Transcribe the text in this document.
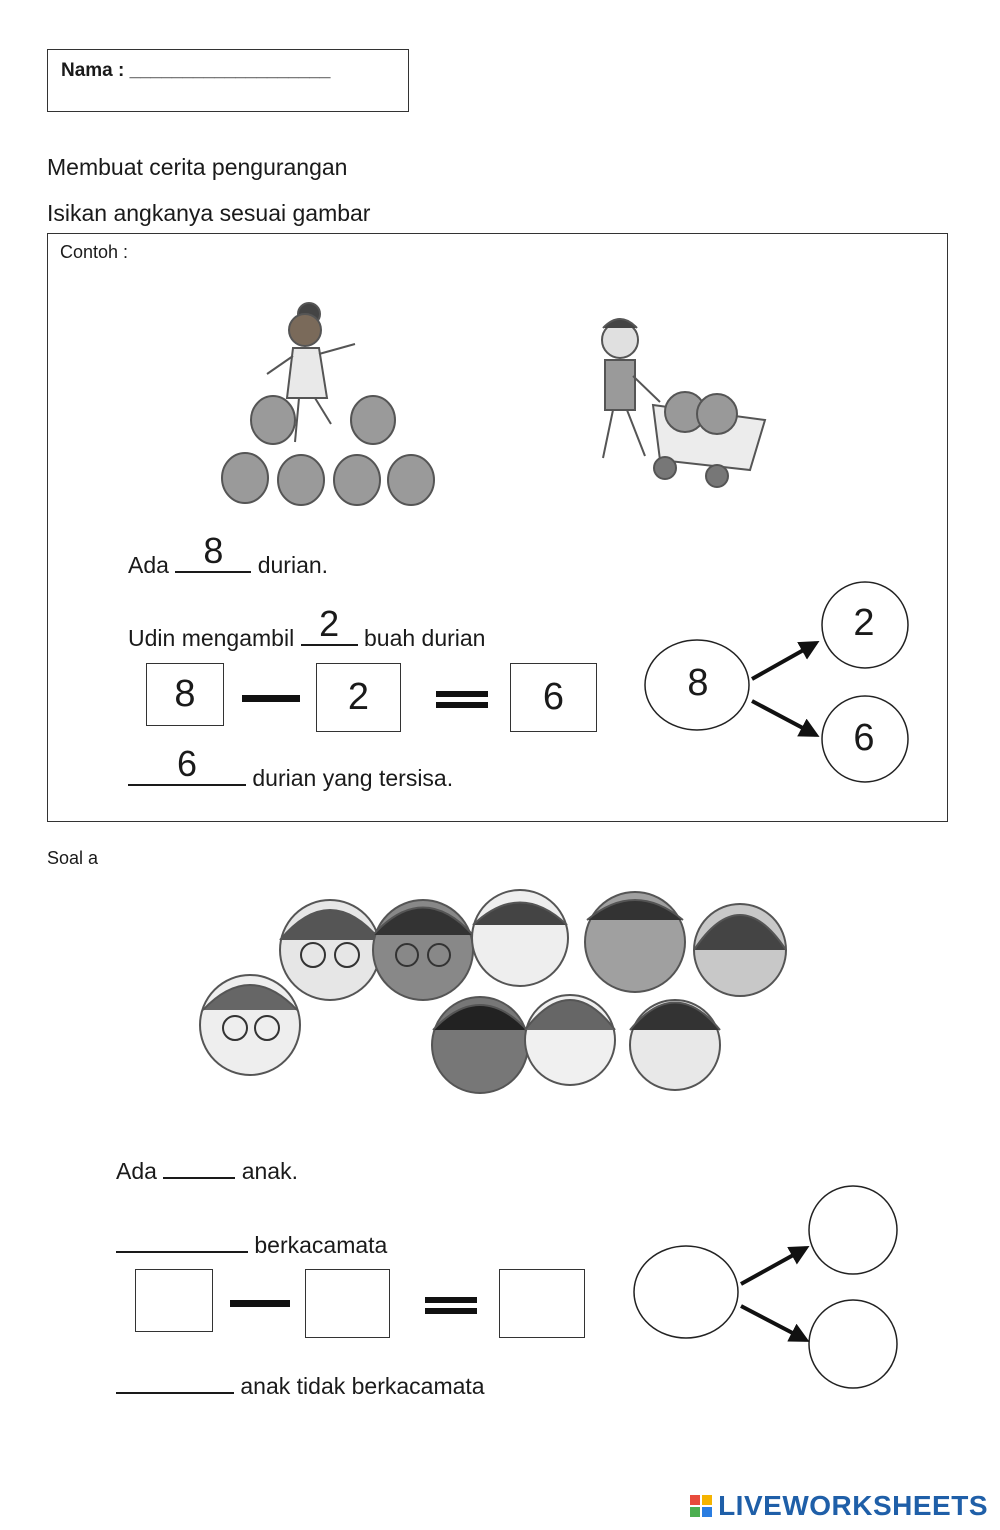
Nama : ___________________
Membuat cerita pengurangan
Isikan angkanya sesuai gambar
Contoh :
Ada 8	durian.
Udin mengambil 2 buah durian
8	2	6
6	durian yang tersisa.
8
2
6
Soal a
Ada	anak.
berkacamata
anak tidak berkacamata
LIVEWORKSHEETS
